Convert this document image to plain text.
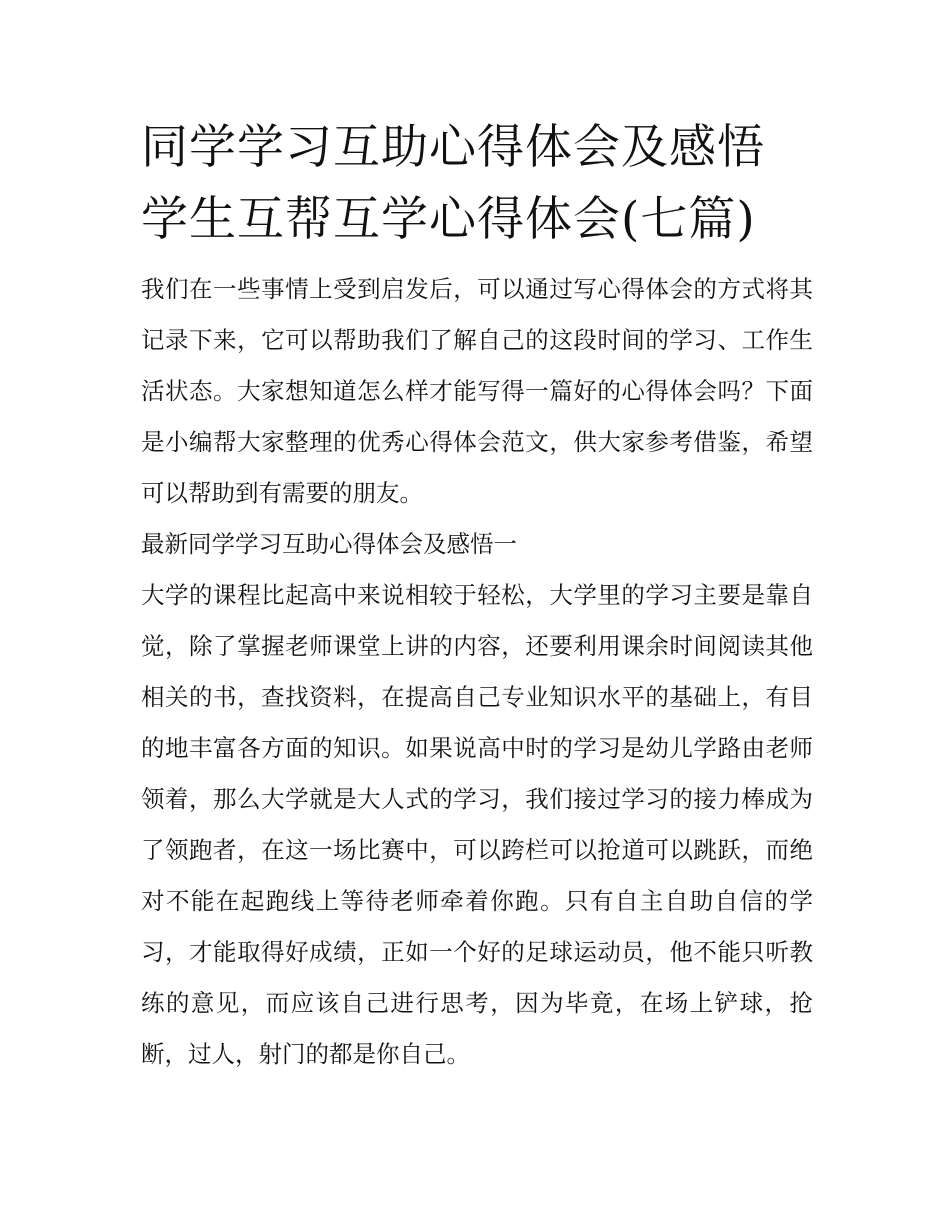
同学学习互助心得体会及感悟
学生互帮互学心得体会(七篇)

我们在一些事情上受到启发后，可以通过写心得体会的方式将其记录下来，它可以帮助我们了解自己的这段时间的学习、工作生活状态。大家想知道怎么样才能写得一篇好的心得体会吗？下面是小编帮大家整理的优秀心得体会范文，供大家参考借鉴，希望可以帮助到有需要的朋友。

最新同学学习互助心得体会及感悟一

大学的课程比起高中来说相较于轻松，大学里的学习主要是靠自觉，除了掌握老师课堂上讲的内容，还要利用课余时间阅读其他相关的书，查找资料，在提高自己专业知识水平的基础上，有目的地丰富各方面的知识。如果说高中时的学习是幼儿学路由老师领着，那么大学就是大人式的学习，我们接过学习的接力棒成为了领跑者，在这一场比赛中，可以跨栏可以抢道可以跳跃，而绝对不能在起跑线上等待老师牵着你跑。只有自主自助自信的学习，才能取得好成绩，正如一个好的足球运动员，他不能只听教练的意见，而应该自己进行思考，因为毕竟，在场上铲球，抢断，过人，射门的都是你自己。
